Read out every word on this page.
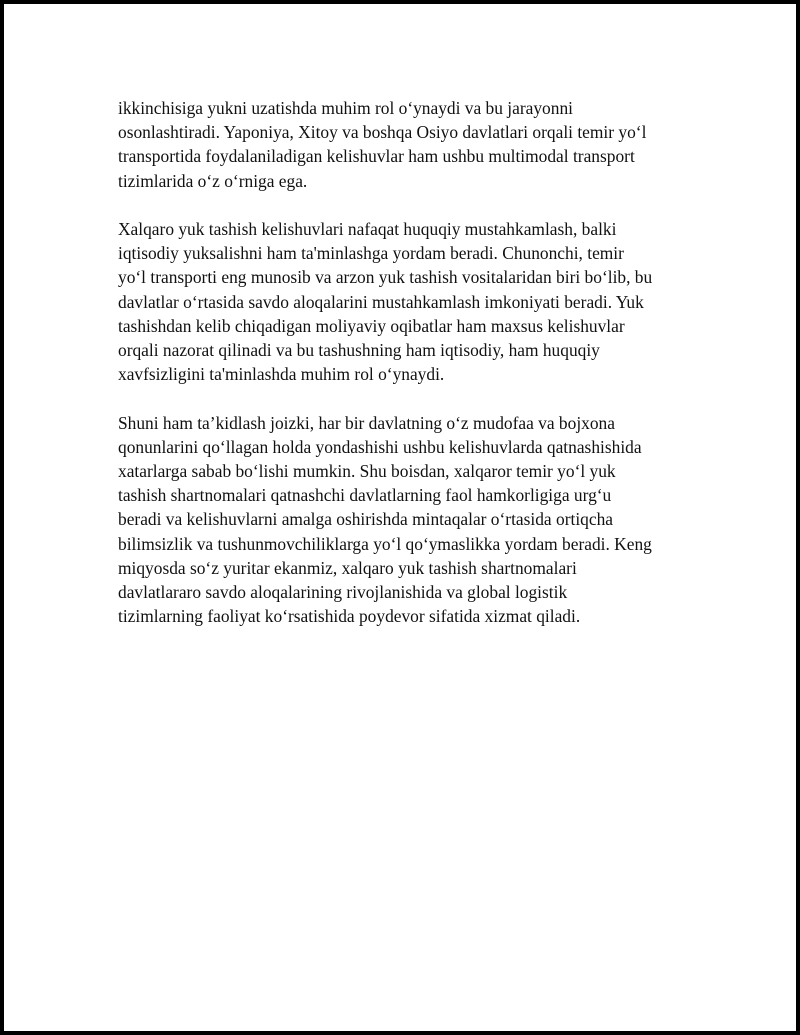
ikkinchisiga yukni uzatishda muhim rol o‘ynaydi va bu jarayonni
osonlashtiradi. Yaponiya, Xitoy va boshqa Osiyo davlatlari orqali temir yo‘l
transportida foydalaniladigan kelishuvlar ham ushbu multimodal transport
tizimlarida o‘z o‘rniga ega.

Xalqaro yuk tashish kelishuvlari nafaqat huquqiy mustahkamlash, balki
iqtisodiy yuksalishni ham ta'minlashga yordam beradi. Chunonchi, temir
yo‘l transporti eng munosib va arzon yuk tashish vositalaridan biri bo‘lib, bu
davlatlar o‘rtasida savdo aloqalarini mustahkamlash imkoniyati beradi. Yuk
tashishdan kelib chiqadigan moliyaviy oqibatlar ham maxsus kelishuvlar
orqali nazorat qilinadi va bu tashushning ham iqtisodiy, ham huquqiy
xavfsizligini ta'minlashda muhim rol o‘ynaydi.

Shuni ham ta’kidlash joizki, har bir davlatning o‘z mudofaa va bojxona
qonunlarini qo‘llagan holda yondashishi ushbu kelishuvlarda qatnashishida
xatarlarga sabab bo‘lishi mumkin. Shu boisdan, xalqaror temir yo‘l yuk
tashish shartnomalari qatnashchi davlatlarning faol hamkorligiga urg‘u
beradi va kelishuvlarni amalga oshirishda mintaqalar o‘rtasida ortiqcha
bilimsizlik va tushunmovchiliklarga yo‘l qo‘ymaslikka yordam beradi. Keng
miqyosda so‘z yuritar ekanmiz, xalqaro yuk tashish shartnomalari
davlatlararo savdo aloqalarining rivojlanishida va global logistik
tizimlarning faoliyat ko‘rsatishida poydevor sifatida xizmat qiladi.
